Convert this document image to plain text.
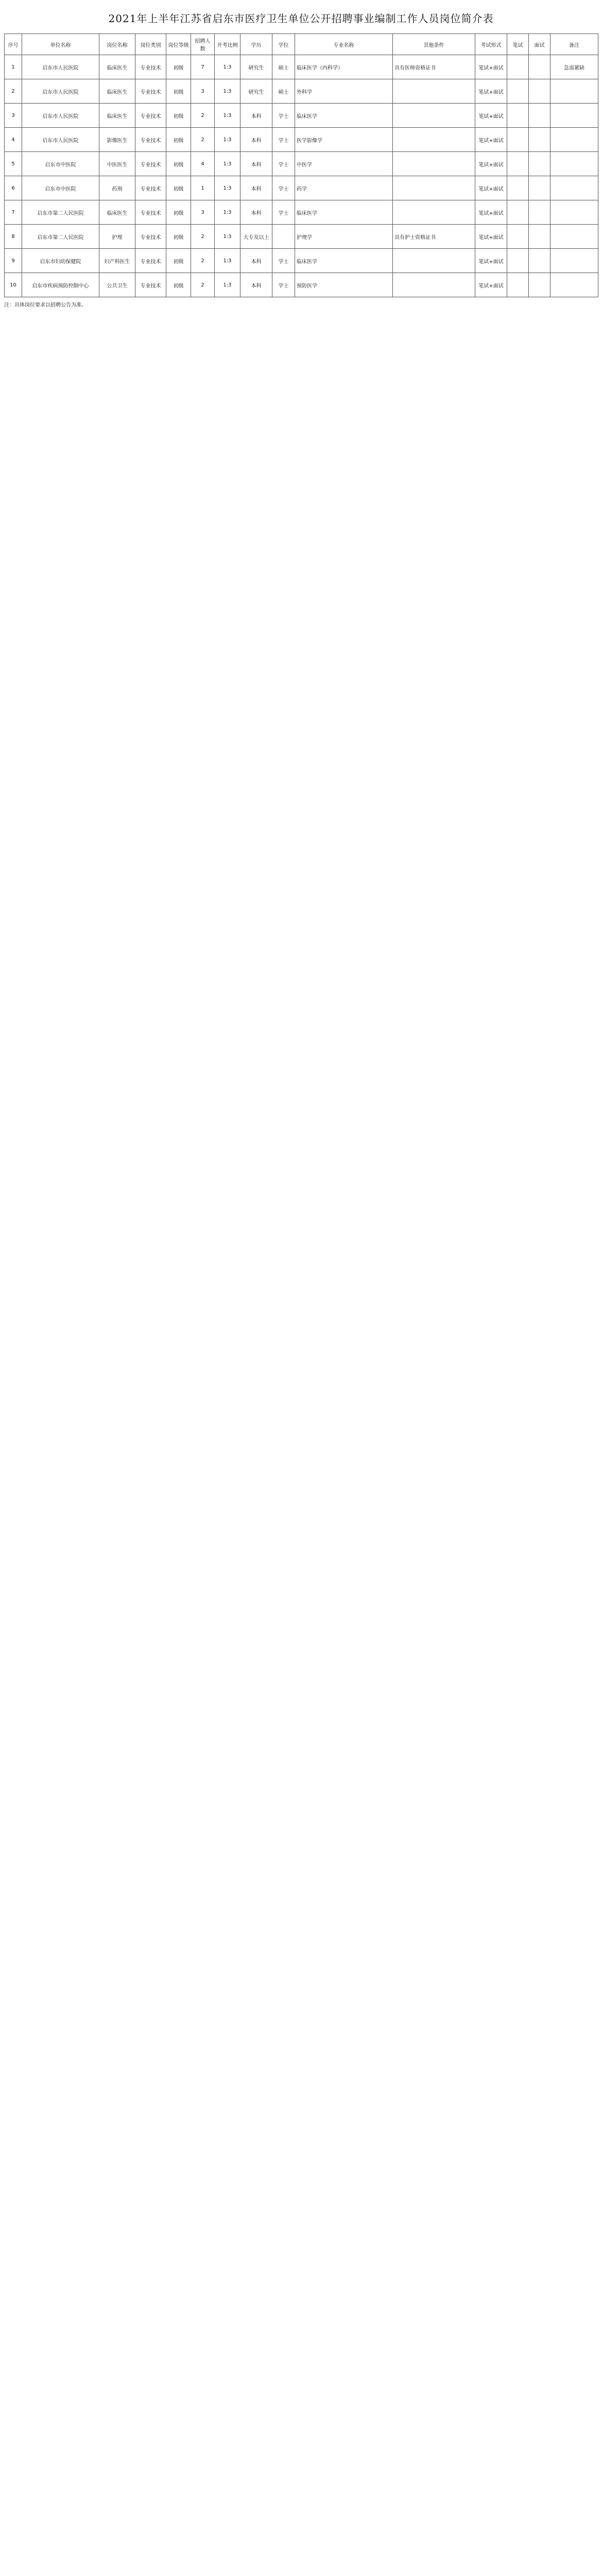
2021年上半年江苏省启东市医疗卫生单位公开招聘事业编制工作人员岗位简介表
序号	单位名称	岗位名称	岗位类别	岗位等级	招聘人数	开考比例	学历	学位	专业名称	其他条件	考试形式	笔试	面试	备注
1	启东市人民医院	临床医生	专业技术	初级	7	1:3	研究生	硕士	临床医学（内科学）	具有医师资格证书	笔试+面试			急需紧缺
2	启东市人民医院	临床医生	专业技术	初级	3	1:3	研究生	硕士	外科学		笔试+面试			
3	启东市人民医院	临床医生	专业技术	初级	2	1:3	本科	学士	临床医学		笔试+面试			
4	启东市人民医院	影像医生	专业技术	初级	2	1:3	本科	学士	医学影像学		笔试+面试			
5	启东市中医院	中医医生	专业技术	初级	4	1:3	本科	学士	中医学		笔试+面试			
6	启东市中医院	药剂	专业技术	初级	1	1:3	本科	学士	药学		笔试+面试			
7	启东市第二人民医院	临床医生	专业技术	初级	3	1:3	本科	学士	临床医学		笔试+面试			
8	启东市第二人民医院	护理	专业技术	初级	2	1:3	大专及以上		护理学	具有护士资格证书	笔试+面试			
9	启东市妇幼保健院	妇产科医生	专业技术	初级	2	1:3	本科	学士	临床医学		笔试+面试			
10	启东市疾病预防控制中心	公共卫生	专业技术	初级	2	1:3	本科	学士	预防医学		笔试+面试			
注：具体岗位要求以招聘公告为准。
